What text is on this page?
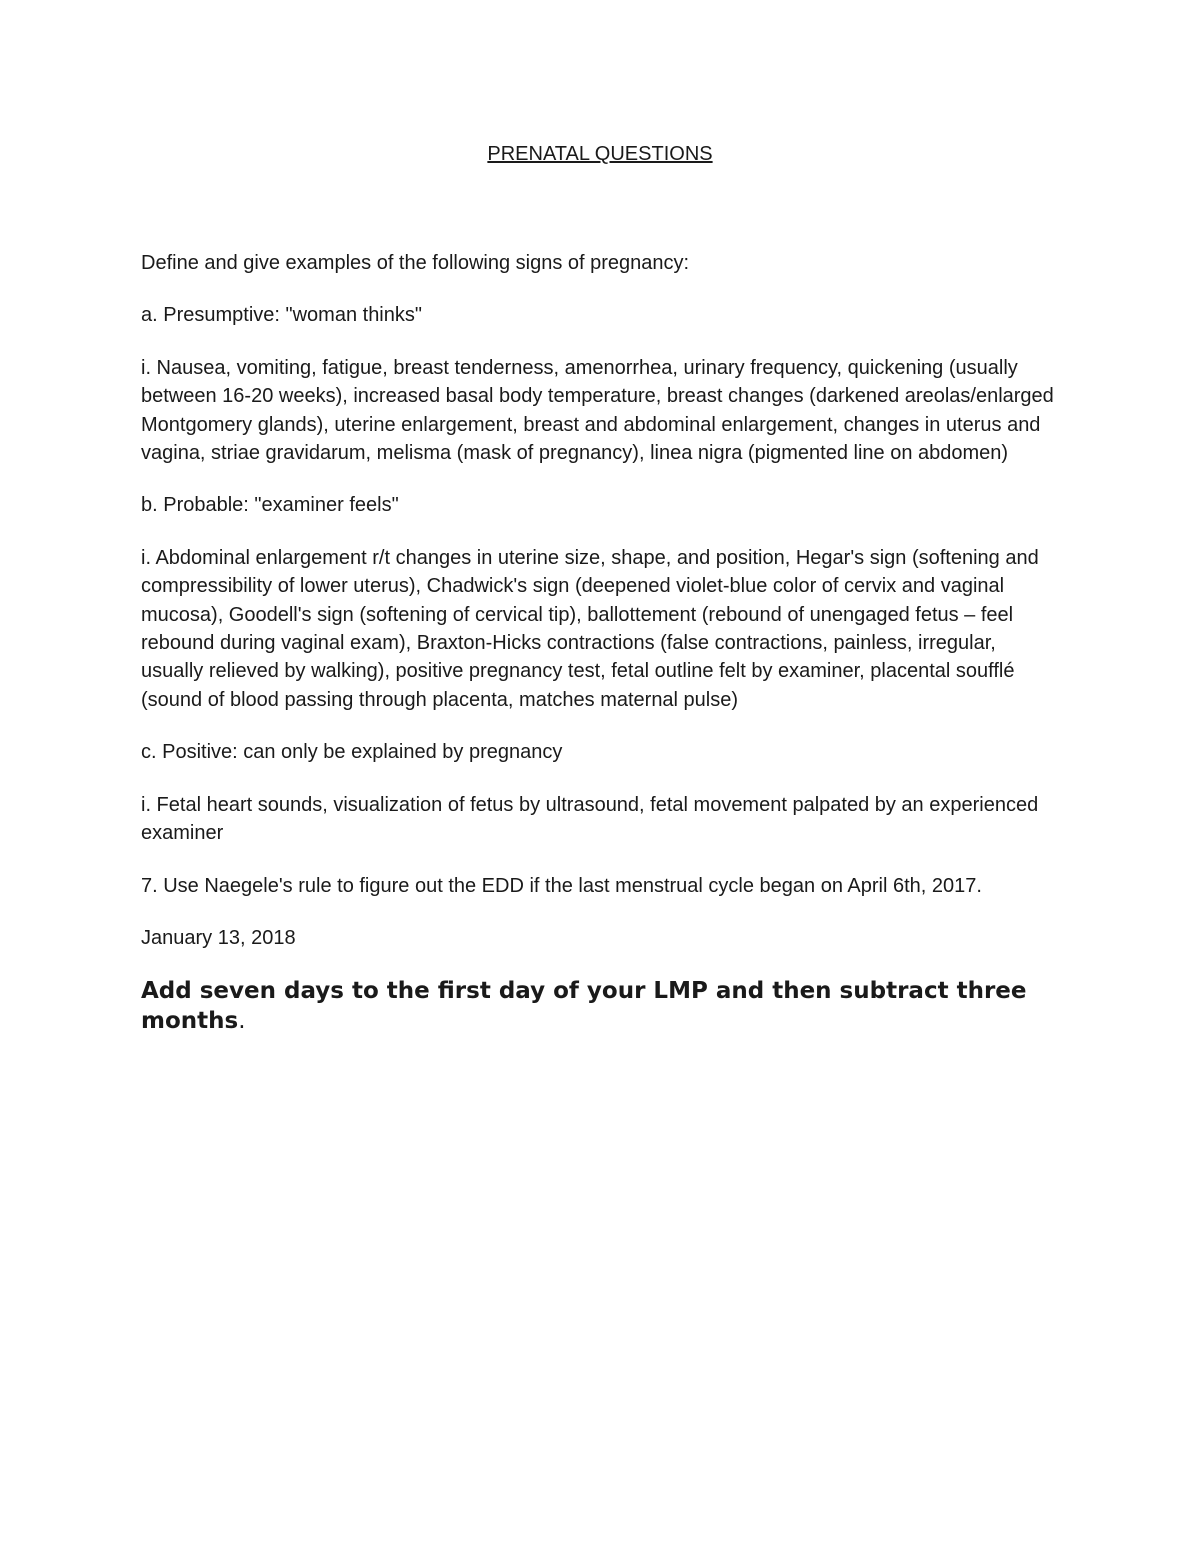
PRENATAL QUESTIONS

Define and give examples of the following signs of pregnancy:

a. Presumptive: "woman thinks"

i. Nausea, vomiting, fatigue, breast tenderness, amenorrhea, urinary frequency, quickening (usually between 16-20 weeks), increased basal body temperature, breast changes (darkened areolas/enlarged Montgomery glands), uterine enlargement, breast and abdominal enlargement, changes in uterus and vagina, striae gravidarum, melisma (mask of pregnancy), linea nigra (pigmented line on abdomen)

b. Probable: "examiner feels"

i. Abdominal enlargement r/t changes in uterine size, shape, and position, Hegar's sign (softening and compressibility of lower uterus), Chadwick's sign (deepened violet-blue color of cervix and vaginal mucosa), Goodell's sign (softening of cervical tip), ballottement (rebound of unengaged fetus – feel rebound during vaginal exam), Braxton-Hicks contractions (false contractions, painless, irregular, usually relieved by walking), positive pregnancy test, fetal outline felt by examiner, placental soufflé (sound of blood passing through placenta, matches maternal pulse)

c. Positive: can only be explained by pregnancy

i. Fetal heart sounds, visualization of fetus by ultrasound, fetal movement palpated by an experienced examiner

7. Use Naegele's rule to figure out the EDD if the last menstrual cycle began on April 6th, 2017.

January 13, 2018

Add seven days to the first day of your LMP and then subtract three months.
